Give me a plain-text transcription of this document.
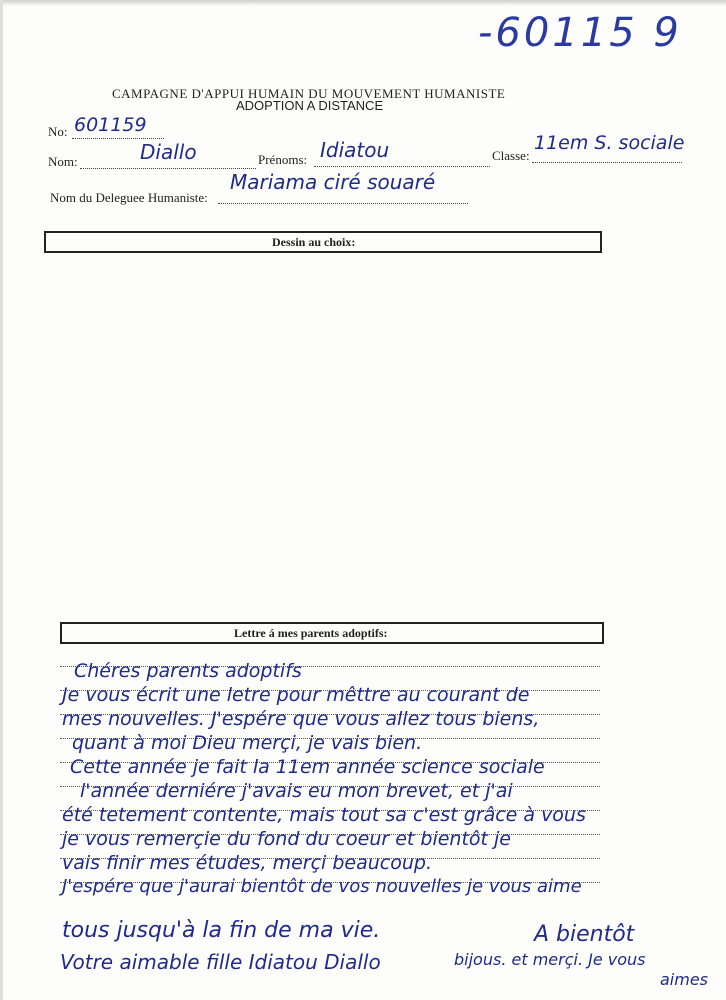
-60115 9
CAMPAGNE D'APPUI HUMAIN DU MOUVEMENT HUMANISTE
ADOPTION A DISTANCE
No: 601159
Nom:	Diallo	Prénoms: Idiatou	Classe:
11em S. sociale
Nom du Deleguee Humaniste:
Mariama ciré souaré
Dessin au choix:
Lettre á mes parents adoptifs:
Chéres parents adoptifs
Je vous écrit une letre pour mêttre au courant de
mes nouvelles. J'espére que vous allez tous biens,
quant à moi Dieu merçi, je vais bien.
Cette année je fait la 11em année science sociale
l'année derniére j'avais eu mon brevet, et j'ai
été tetement contente, mais tout sa c'est grâce à vous
je vous remerçie du fond du coeur et bientôt je
vais finir mes études, merçi beaucoup.
J'espére que j'aurai bientôt de vos nouvelles je vous aime
tous jusqu'à la fin de ma vie.
Votre aimable fille Idiatou Diallo
A bientôt
bijous. et merçi. Je vous
aimes
